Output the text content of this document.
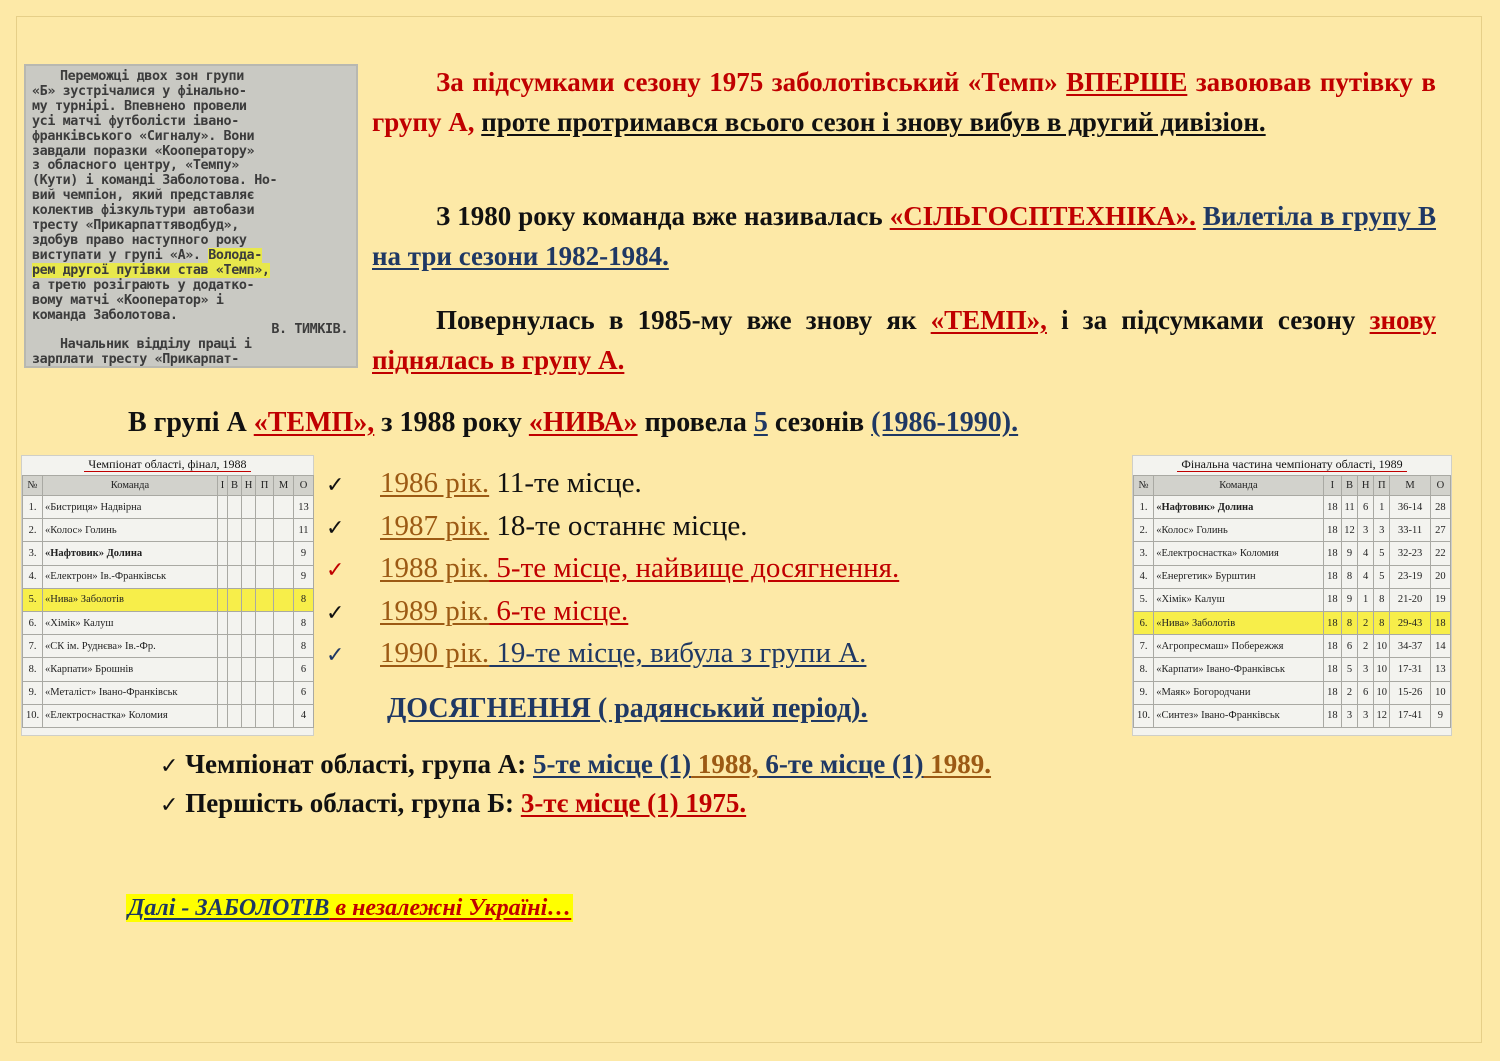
Переможці двох зон групи
«Б» зустрічалися у фінально-
му турнірі. Впевнено провели
усі матчі футболісти івано-
франківського «Сигналу». Вони
завдали поразки «Кооператору»
з обласного центру, «Темпу»
(Кути) і команді Заболотова. Но-
вий чемпіон, який представляє
колектив фізкультури автобази
тресту «Прикарпаттяводбуд»,
здобув право наступного року
виступати у групі «А». Волода-
рем другої путівки став «Темп»,
а третю розіграють у додатко-
вому матчі «Кооператор» і
команда Заболотова.
В. ТИМКІВ.
Начальник відділу праці і
зарплати тресту «Прикарпат-

За підсумками сезону 1975 заболотівський «Темп» ВПЕРШЕ завоював путівку в групу А, проте протримався всього сезон і знову вибув в другий дивізіон.
З 1980 року команда вже називалась «СІЛЬГОСПТЕХНІКА». Вилетіла в групу В на три сезони 1982-1984.
Повернулась в 1985-му вже знову як «ТЕМП», і за підсумками сезону знову піднялась в групу А.
В групі А «ТЕМП», з 1988 року «НИВА» провела 5 сезонів (1986-1990).
Чемпіонат області, фінал, 1988
№	Команда	І	В	Н	П	М	О
1.	«Бистриця» Надвірна						13
2.	«Колос» Голинь						11
3.	«Нафтовик» Долина						9
4.	«Електрон» Ів.-Франківськ						9
5.	«Нива» Заболотів						8
6.	«Хімік» Калуш						8
7.	«СК ім. Руднєва» Ів.-Фр.						8
8.	«Карпати» Брошнів						6
9.	«Металіст» Івано-Франківськ						6
10.	«Електроснастка» Коломия						4
Фінальна частина чемпіонату області, 1989
№	Команда	І	В	Н	П	М	О
1.	«Нафтовик» Долина	18	11	6	1	36-14	28
2.	«Колос» Голинь	18	12	3	3	33-11	27
3.	«Електроснастка» Коломия	18	9	4	5	32-23	22
4.	«Енергетик» Бурштин	18	8	4	5	23-19	20
5.	«Хімік» Калуш	18	9	1	8	21-20	19
6.	«Нива» Заболотів	18	8	2	8	29-43	18
7.	«Агропресмаш» Побережжя	18	6	2	10	34-37	14
8.	«Карпати» Івано-Франківськ	18	5	3	10	17-31	13
9.	«Маяк» Богородчани	18	2	6	10	15-26	10
10.	«Синтез» Івано-Франківськ	18	3	3	12	17-41	9
✓ 1986 рік. 11-те місце.
✓ 1987 рік. 18-те останнє місце.
✓ 1988 рік. 5-те місце, найвище досягнення.
✓ 1989 рік. 6-те місце.
✓ 1990 рік. 19-те місце, вибула з групи А.
ДОСЯГНЕННЯ ( радянський період).
✓ Чемпіонат області, група А: 5-те місце (1) 1988, 6-те місце (1) 1989.
✓ Першість області, група Б: 3-тє місце (1) 1975.
Далі - ЗАБОЛОТІВ в незалежні Україні…
